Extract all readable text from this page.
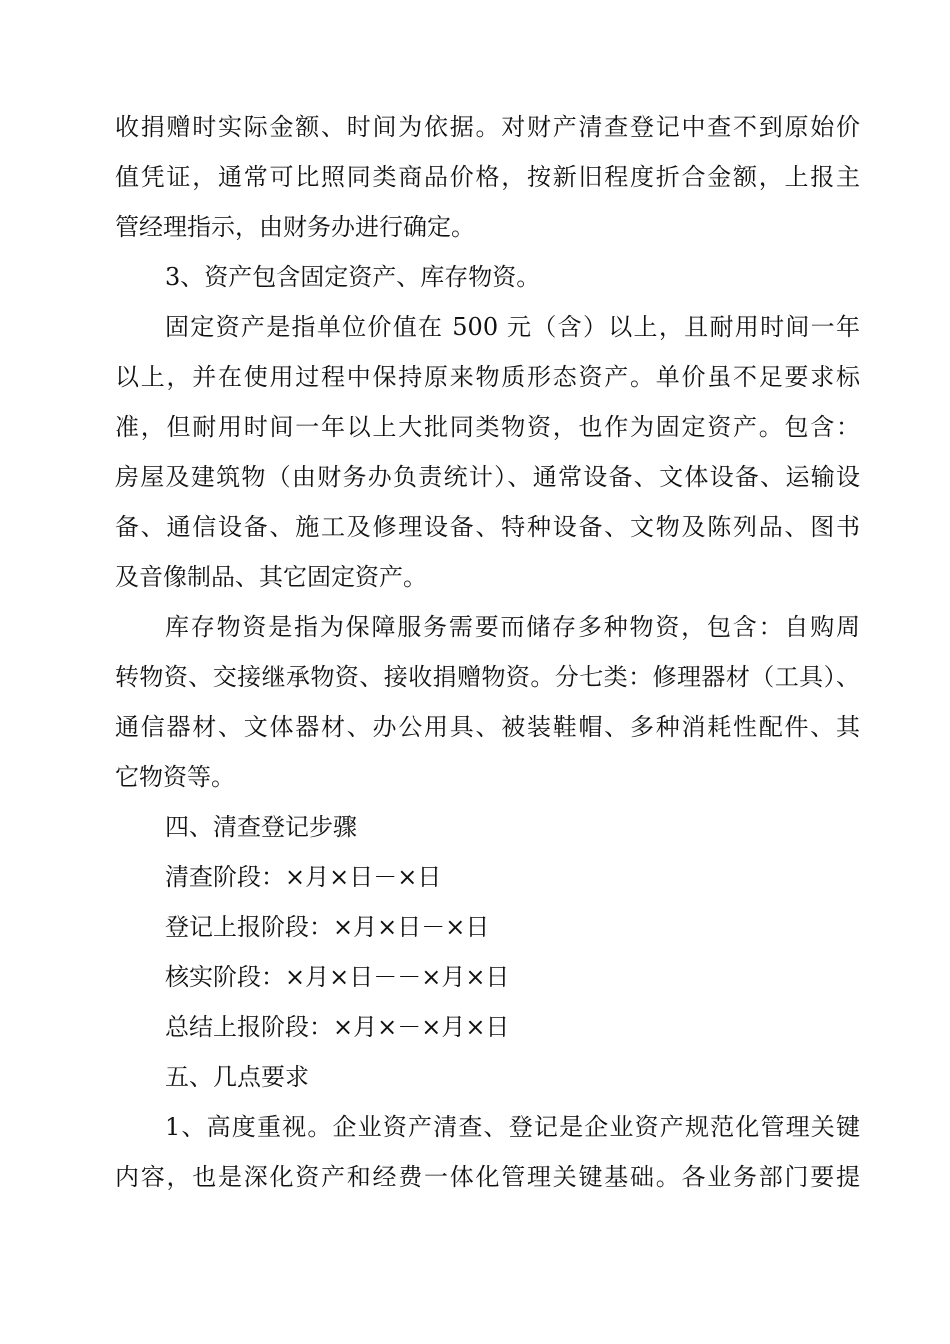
收捐赠时实际金额、时间为依据。对财产清查登记中查不到原始价
值凭证，通常可比照同类商品价格，按新旧程度折合金额，上报主
管经理指示，由财务办进行确定。
3、资产包含固定资产、库存物资。
固定资产是指单位价值在 500 元（含）以上，且耐用时间一年
以上，并在使用过程中保持原来物质形态资产。单价虽不足要求标
准，但耐用时间一年以上大批同类物资，也作为固定资产。包含：
房屋及建筑物（由财务办负责统计）、通常设备、文体设备、运输设
备、通信设备、施工及修理设备、特种设备、文物及陈列品、图书
及音像制品、其它固定资产。
库存物资是指为保障服务需要而储存多种物资，包含：自购周
转物资、交接继承物资、接收捐赠物资。分七类：修理器材（工具）、
通信器材、文体器材、办公用具、被装鞋帽、多种消耗性配件、其
它物资等。
四、清查登记步骤
清查阶段：×月×日－×日
登记上报阶段：×月×日－×日
核实阶段：×月×日－－×月×日
总结上报阶段：×月×－×月×日
五、几点要求
1、高度重视。企业资产清查、登记是企业资产规范化管理关键
内容，也是深化资产和经费一体化管理关键基础。各业务部门要提
